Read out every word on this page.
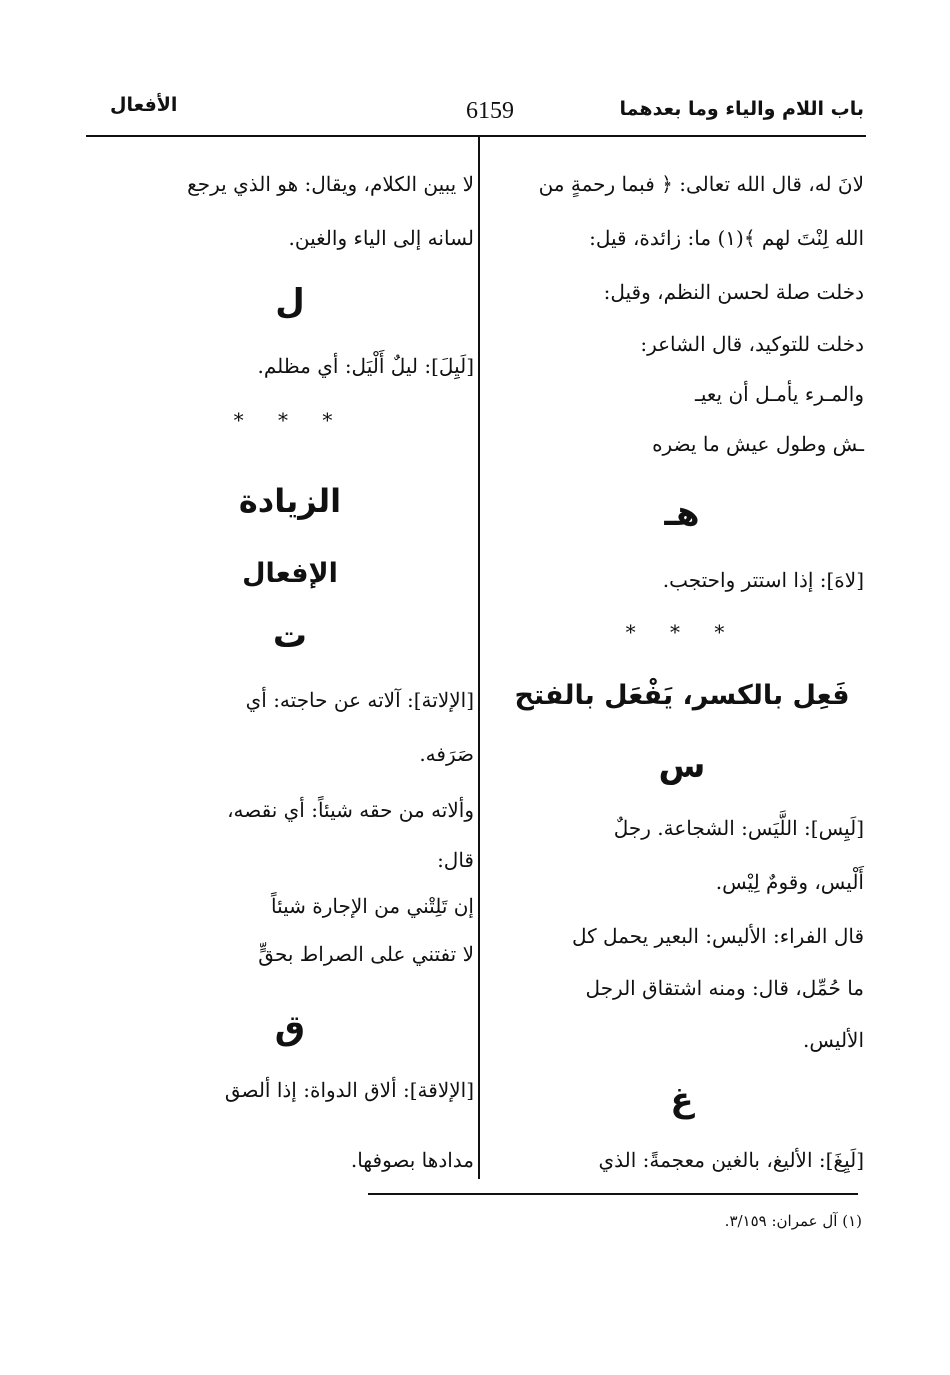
باب اللام والياء وما بعدهما
6159
الأفعال
لانَ له، قال الله تعالى: ﴿ فبما رحمةٍ من
الله لِنْتَ لهم ﴾(١) ما: زائدة، قيل:
دخلت صلة لحسن النظم، وقيل:
دخلت للتوكيد، قال الشاعر:
والمـرء يأمـل أن يعيـ
ـش وطول عيش ما يضره
هـ
[لاهَ]: إذا استتر واحتجب.
* * *
فَعِل بالكسر، يَفْعَل بالفتح
س
[لَيِس]: اللَّيَس: الشجاعة. رجلٌ
أَلْيس، وقومٌ لِيْس.
قال الفراء: الأليس: البعير يحمل كل
ما حُمِّل، قال: ومنه اشتقاق الرجل
الأليس.
غ
[لَيِغَ]: الأليغ، بالغين معجمةً: الذي
لا يبين الكلام، ويقال: هو الذي يرجع
لسانه إلى الياء والغين.
ل
[لَيِلَ]: ليلٌ أَلْيَل: أي مظلم.
* * *
الزيادة
الإفعال
ت
[الإلاتة]: آلاته عن حاجته: أي
صَرَفه.
وألاته من حقه شيئاً: أي نقصه،
قال:
إن تَلِتْني من الإجارة شيئاً
لا تفتني على الصراط بحقٍّ
ق
[الإلاقة]: ألاق الدواة: إذا ألصق
مدادها بصوفها.
(١) آل عمران: ٣/١٥٩.
